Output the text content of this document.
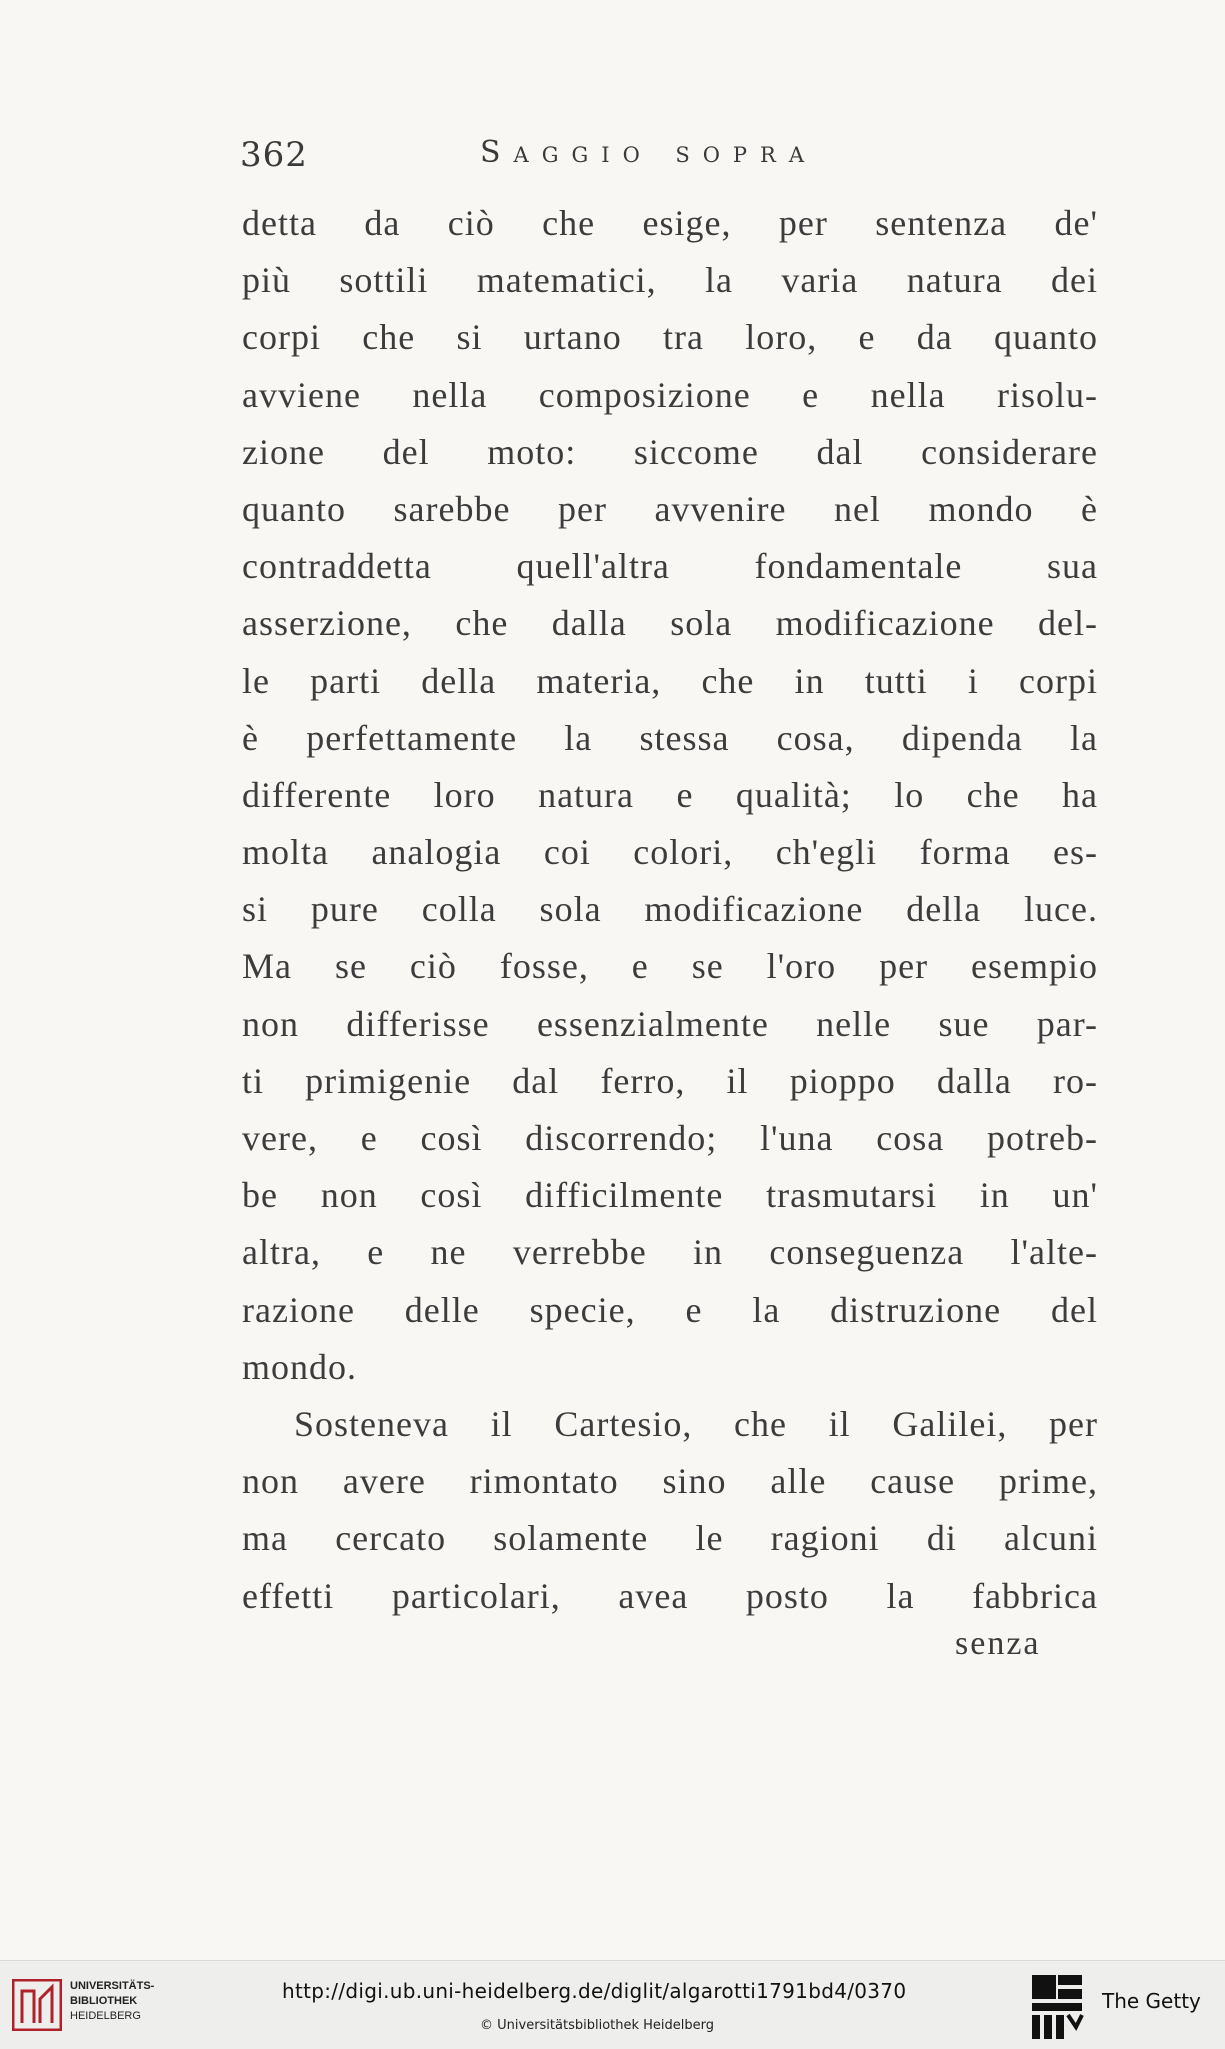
362	Saggio sopra
detta da ciò che esige, per sentenza de'
più sottili matematici, la varia natura dei
corpi che si urtano tra loro, e da quanto
avviene nella composizione e nella risolu-
zione del moto: siccome dal considerare
quanto sarebbe per avvenire nel mondo è
contraddetta quell'altra fondamentale sua
asserzione, che dalla sola modificazione del-
le parti della materia, che in tutti i corpi
è perfettamente la stessa cosa, dipenda la
differente loro natura e qualità; lo che ha
molta analogia coi colori, ch'egli forma es-
si pure colla sola modificazione della luce.
Ma se ciò fosse, e se l'oro per esempio
non differisse essenzialmente nelle sue par-
ti primigenie dal ferro, il pioppo dalla ro-
vere, e così discorrendo; l'una cosa potreb-
be non così difficilmente trasmutarsi in un'
altra, e ne verrebbe in conseguenza l'alte-
razione delle specie, e la distruzione del
mondo.
Sosteneva il Cartesio, che il Galilei, per
non avere rimontato sino alle cause prime,
ma cercato solamente le ragioni di alcuni
effetti particolari, avea posto la fabbrica
senza
UNIVERSITÄTS-
BIBLIOTHEK
HEIDELBERG
http://digi.ub.uni-heidelberg.de/diglit/algarotti1791bd4/0370
© Universitätsbibliothek Heidelberg
The Getty
